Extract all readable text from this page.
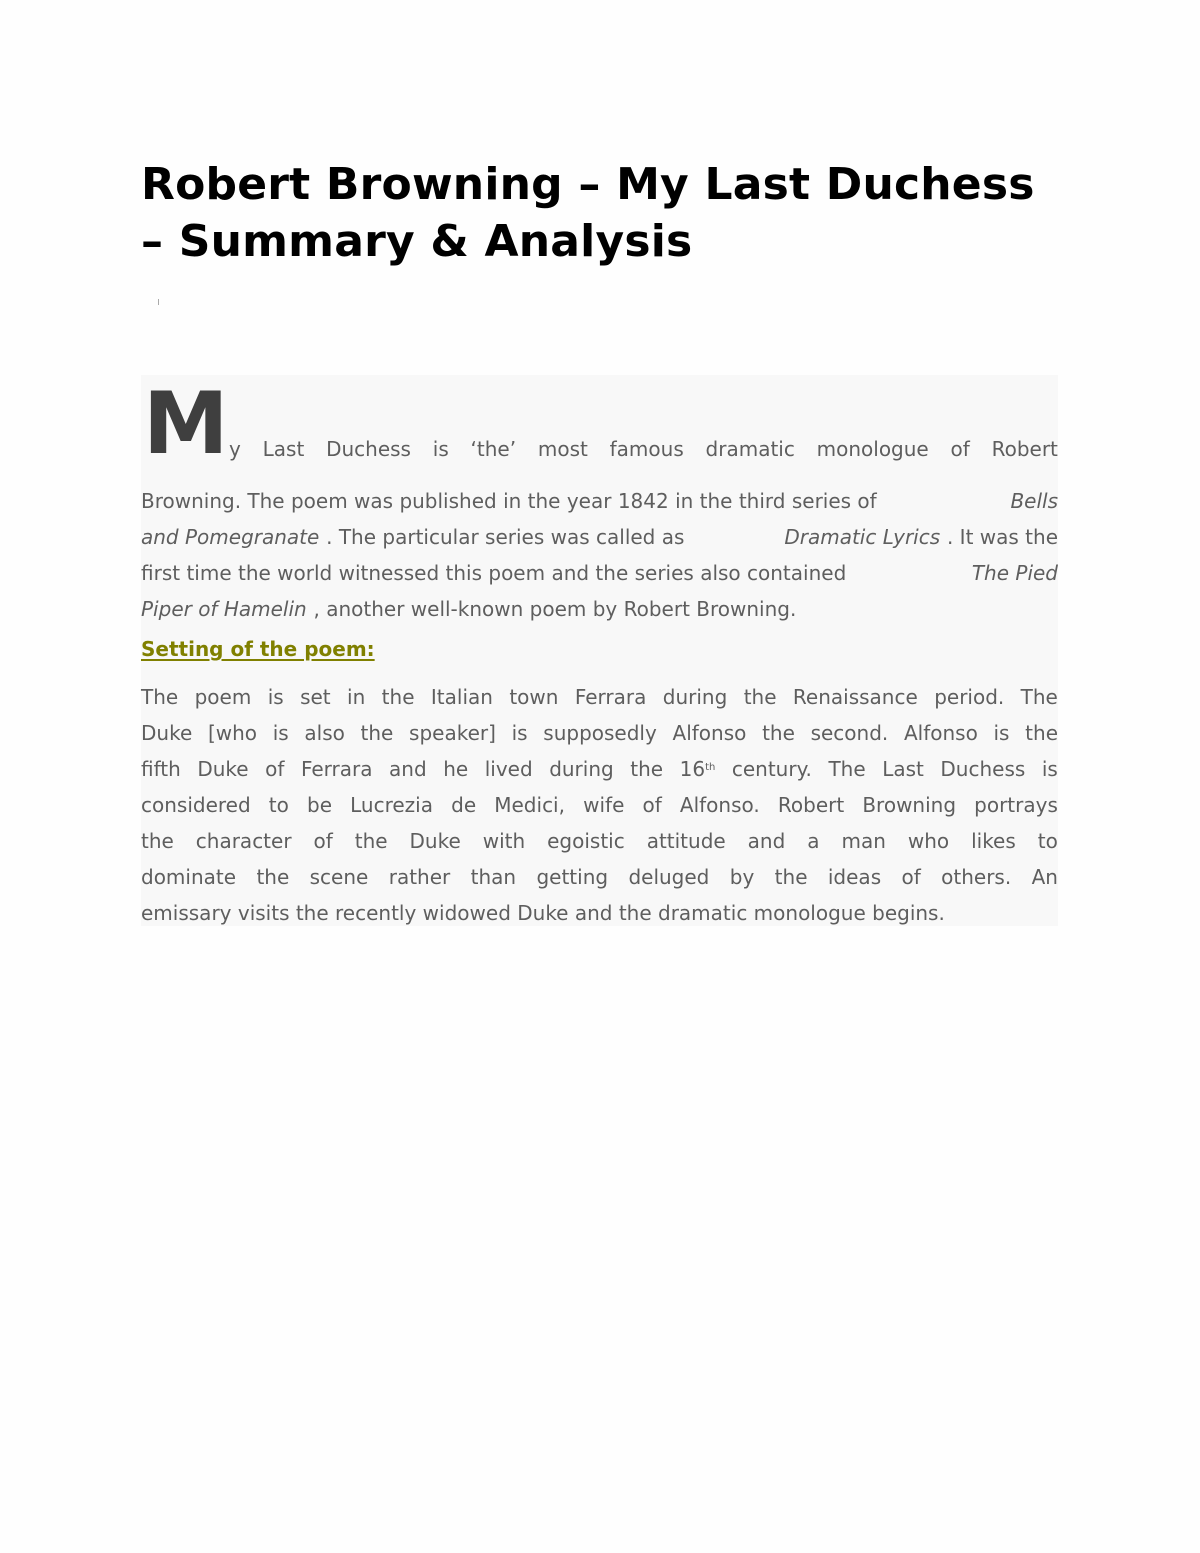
Robert Browning – My Last Duchess – Summary & Analysis
M y Last Duchess is ‘the’ most famous dramatic monologue of Robert
Browning. The poem was published in the year 1842 in the third series of	Bells
and Pomegranate . The particular series was called as	Dramatic Lyrics . It was the
first time the world witnessed this poem and the series also contained	The Pied
Piper of Hamelin , another well-known poem by Robert Browning.
Setting of the poem:
The poem is set in the Italian town Ferrara during the Renaissance period. The
Duke [who is also the speaker] is supposedly Alfonso the second. Alfonso is the
fifth Duke of Ferrara and he lived during the 16th century. The Last Duchess is
considered to be Lucrezia de Medici, wife of Alfonso. Robert Browning portrays
the character of the Duke with egoistic attitude and a man who likes to
dominate the scene rather than getting deluged by the ideas of others. An
emissary visits the recently widowed Duke and the dramatic monologue begins.
